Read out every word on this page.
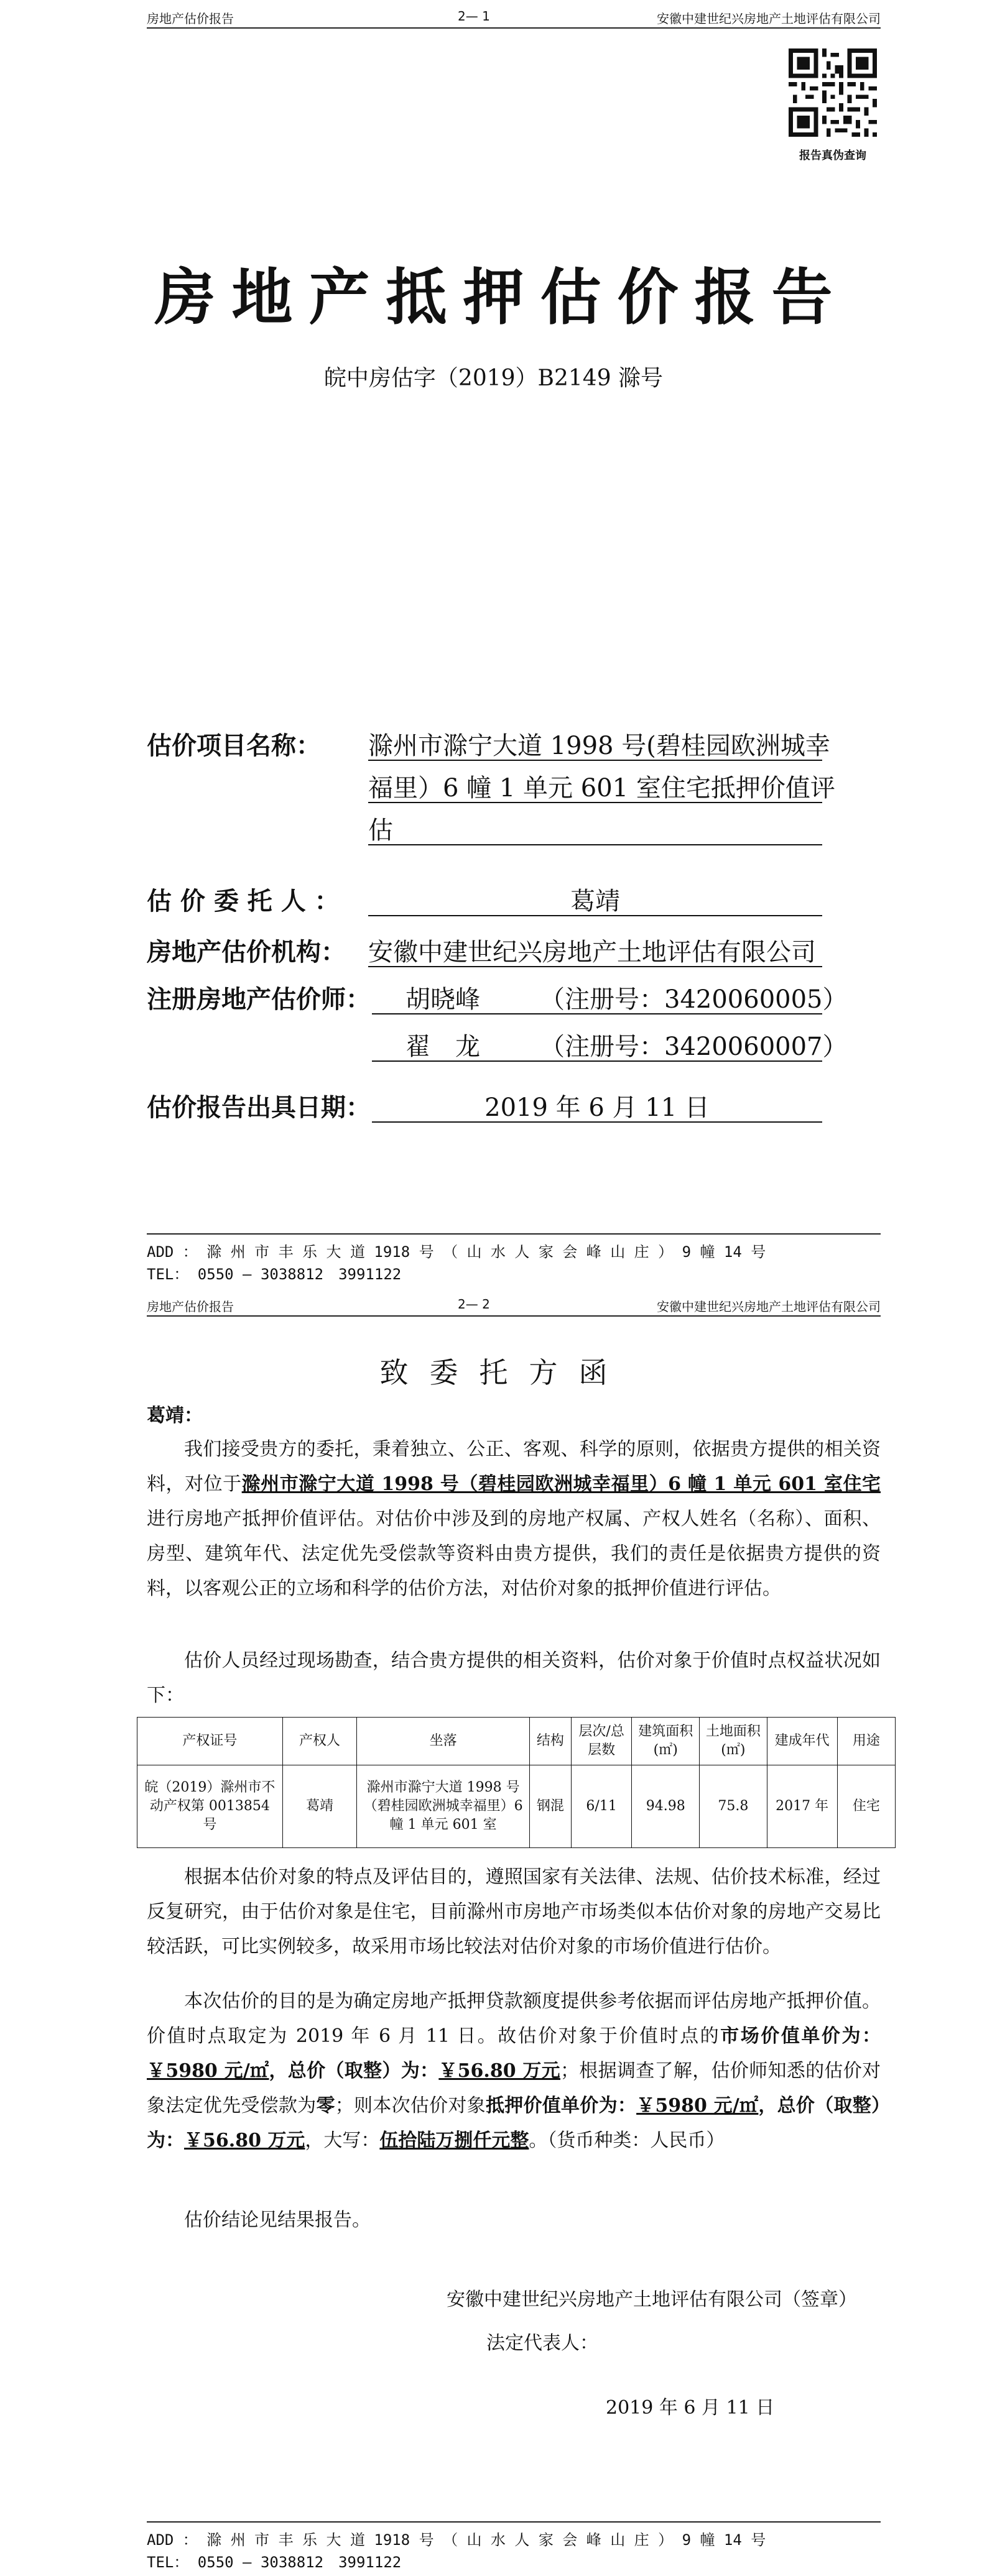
房地产估价报告	2— 1	安徽中建世纪兴房地产土地评估有限公司
报告真伪查询
房地产抵押估价报告
皖中房估字（2019）B2149 滁号
估价项目名称： 滁州市滁宁大道 1998 号(碧桂园欧洲城幸
福里）6 幢 1 单元 601 室住宅抵押价值评
估
估 价 委 托 人 ：	葛靖
房地产估价机构： 安徽中建世纪兴房地产土地评估有限公司
注册房地产估价师： 胡晓峰 （注册号：3420060005）
翟　龙 （注册号：3420060007）
估价报告出具日期：	2019 年 6 月 11 日
ADD ： 滁 州 市 丰 乐 大 道 1918 号 （ 山 水 人 家 会 峰 山 庄 ） 9 幢 14 号
TEL： 0550 — 3038812　3991122
房地产估价报告	2— 2	安徽中建世纪兴房地产土地评估有限公司
致委托方函
葛靖：
我们接受贵方的委托，秉着独立、公正、客观、科学的原则，依据贵方提供的相关资料，对位于滁州市滁宁大道 1998 号（碧桂园欧洲城幸福里）6 幢 1 单元 601 室住宅进行房地产抵押价值评估。对估价中涉及到的房地产权属、产权人姓名（名称）、面积、房型、建筑年代、法定优先受偿款等资料由贵方提供，我们的责任是依据贵方提供的资料，以客观公正的立场和科学的估价方法，对估价对象的抵押价值进行评估。
估价人员经过现场勘查，结合贵方提供的相关资料，估价对象于价值时点权益状况如下：
产权证号	产权人	坐落	结构	层次/总层数	建筑面积(㎡)	土地面积(㎡)	建成年代	用途
皖（2019）滁州市不动产权第 0013854 号	葛靖	滁州市滁宁大道 1998 号（碧桂园欧洲城幸福里）6 幢 1 单元 601 室	钢混	6/11	94.98	75.8	2017 年	住宅
根据本估价对象的特点及评估目的，遵照国家有关法律、法规、估价技术标准，经过反复研究，由于估价对象是住宅，目前滁州市房地产市场类似本估价对象的房地产交易比较活跃，可比实例较多，故采用市场比较法对估价对象的市场价值进行估价。
本次估价的目的是为确定房地产抵押贷款额度提供参考依据而评估房地产抵押价值。价值时点取定为 2019 年 6 月 11 日。故估价对象于价值时点的市场价值单价为：￥5980 元/㎡，总价（取整）为：￥56.80 万元；根据调查了解，估价师知悉的估价对象法定优先受偿款为零；则本次估价对象抵押价值单价为：￥5980 元/㎡，总价（取整）为：￥56.80 万元，大写：伍拾陆万捌仟元整。（货币种类：人民币）
估价结论见结果报告。
安徽中建世纪兴房地产土地评估有限公司（签章）
法定代表人：
2019 年 6 月 11 日
ADD ： 滁 州 市 丰 乐 大 道 1918 号 （ 山 水 人 家 会 峰 山 庄 ） 9 幢 14 号
TEL： 0550 — 3038812　3991122
